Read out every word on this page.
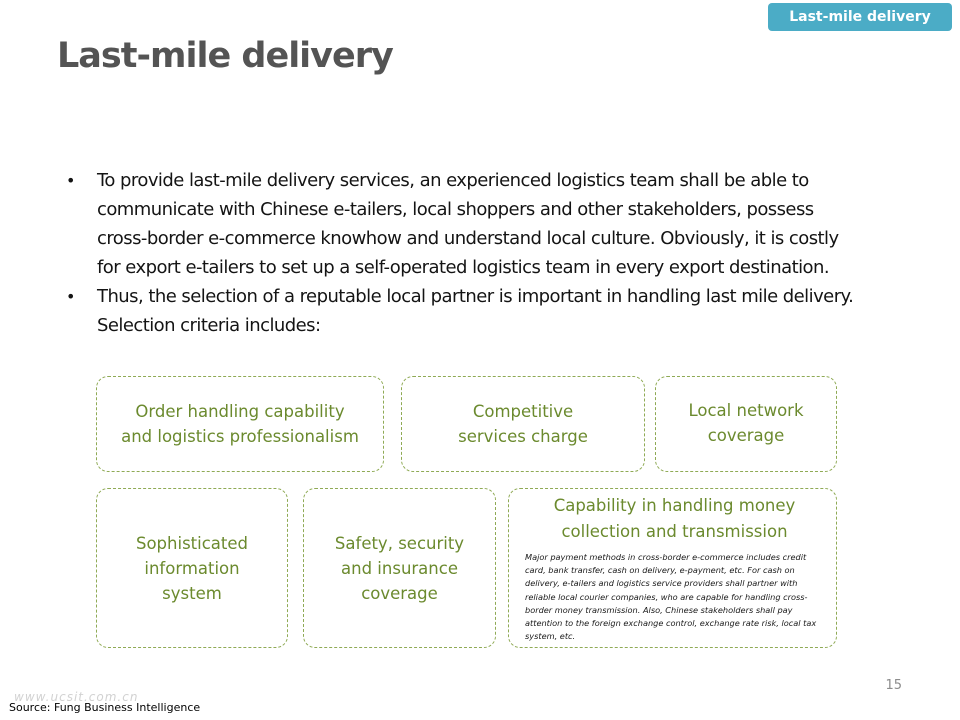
Last-mile delivery
Last-mile delivery
• To provide last-mile delivery services, an experienced logistics team shall be able to communicate with Chinese e-tailers, local shoppers and other stakeholders, possess cross-border e-commerce knowhow and understand local culture. Obviously, it is costly for export e-tailers to set up a self-operated logistics team in every export destination.
• Thus, the selection of a reputable local partner is important in handling last mile delivery. Selection criteria includes:
Order handling capability
and logistics professionalism
Competitive
services charge
Local network
coverage
Sophisticated
information
system
Safety, security
and insurance
coverage
Capability in handling money
collection and transmission
Major payment methods in cross-border e-commerce includes credit card, bank transfer, cash on delivery, e-payment, etc. For cash on delivery, e-tailers and logistics service providers shall partner with reliable local courier companies, who are capable for handling cross-border money transmission. Also, Chinese stakeholders shall pay attention to the foreign exchange control, exchange rate risk, local tax system, etc.
15
www.ucsit.com.cn
Source: Fung Business Intelligence
